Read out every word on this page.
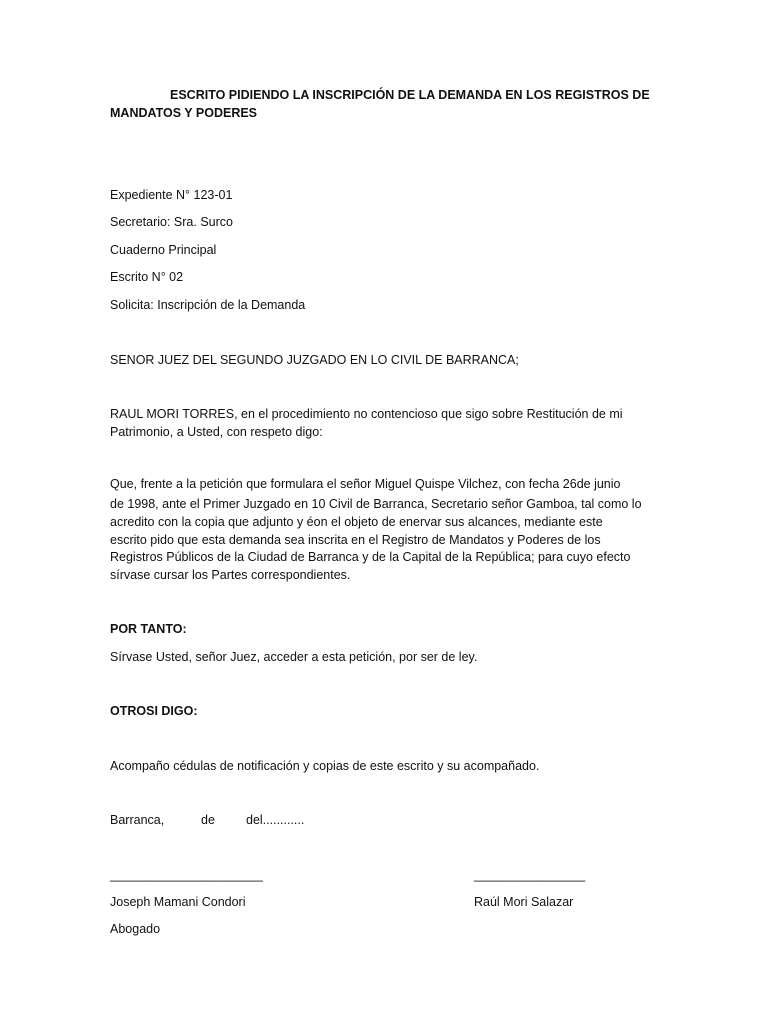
ESCRITO PIDIENDO LA INSCRIPCIÓN DE LA DEMANDA EN LOS REGISTROS DE
MANDATOS Y PODERES
Expediente N° 123-01
Secretario: Sra. Surco
Cuaderno Principal
Escrito N° 02
Solicita: Inscripción de la Demanda
SENOR JUEZ DEL SEGUNDO JUZGADO EN LO CIVIL DE BARRANCA;
RAUL MORI TORRES, en el procedimiento no contencioso que sigo sobre Restitución de mi
Patrimonio, a Usted, con respeto digo:
Que, frente a la petición que formulara el señor Miguel Quispe Vilchez, con fecha 26de junio
de 1998, ante el Primer Juzgado en 10 Civil de Barranca, Secretario señor Gamboa, tal como lo
acredito con la copia que adjunto y éon el objeto de enervar sus alcances, mediante este
escrito pido que esta demanda sea inscrita en el Registro de Mandatos y Poderes de los
Registros Públicos de la Ciudad de Barranca y de la Capital de la República; para cuyo efecto
sírvase cursar los Partes correspondientes.
POR TANTO:
Sírvase Usted, señor Juez, acceder a esta petición, por ser de ley.
OTROSI DIGO:
Acompaño cédulas de notificación y copias de este escrito y su acompañado.
Barranca,	de del............
______________________	________________
Joseph Mamani Condori	Raúl Mori Salazar
Abogado
